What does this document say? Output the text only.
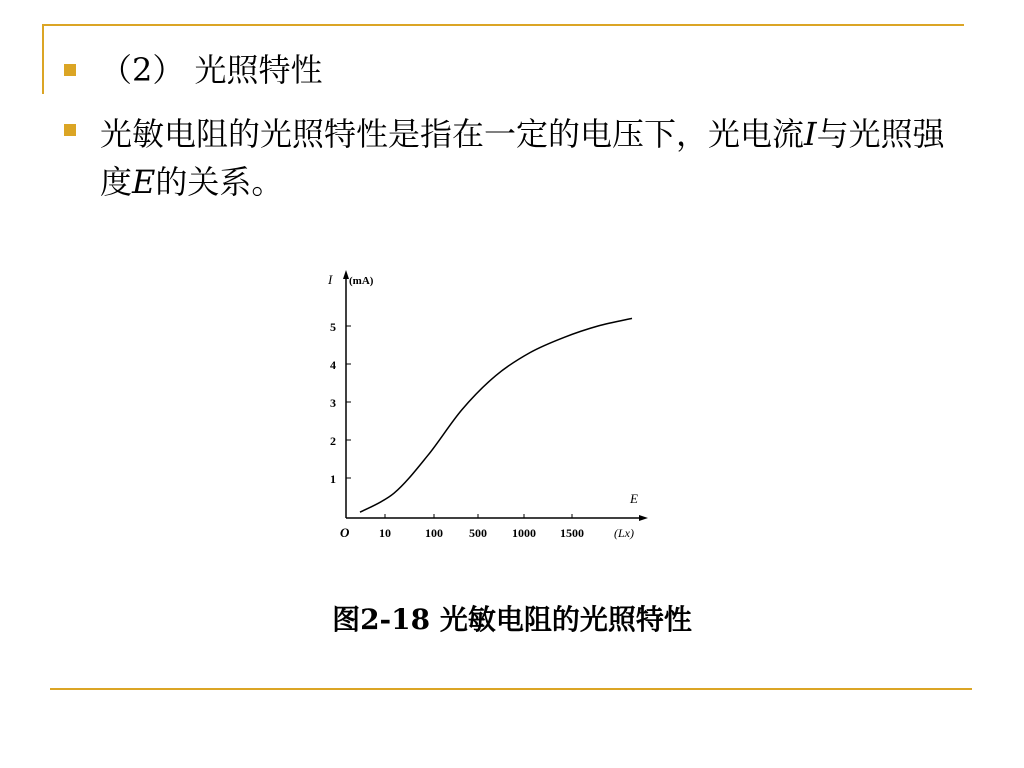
（2） 光照特性
光敏电阻的光照特性是指在一定的电压下，光电流I与光照强度E的关系。
I (mA)
E
(Lx)
O
1
2
3
4
5
10	100 500 1000 1500
图2-18 光敏电阻的光照特性
